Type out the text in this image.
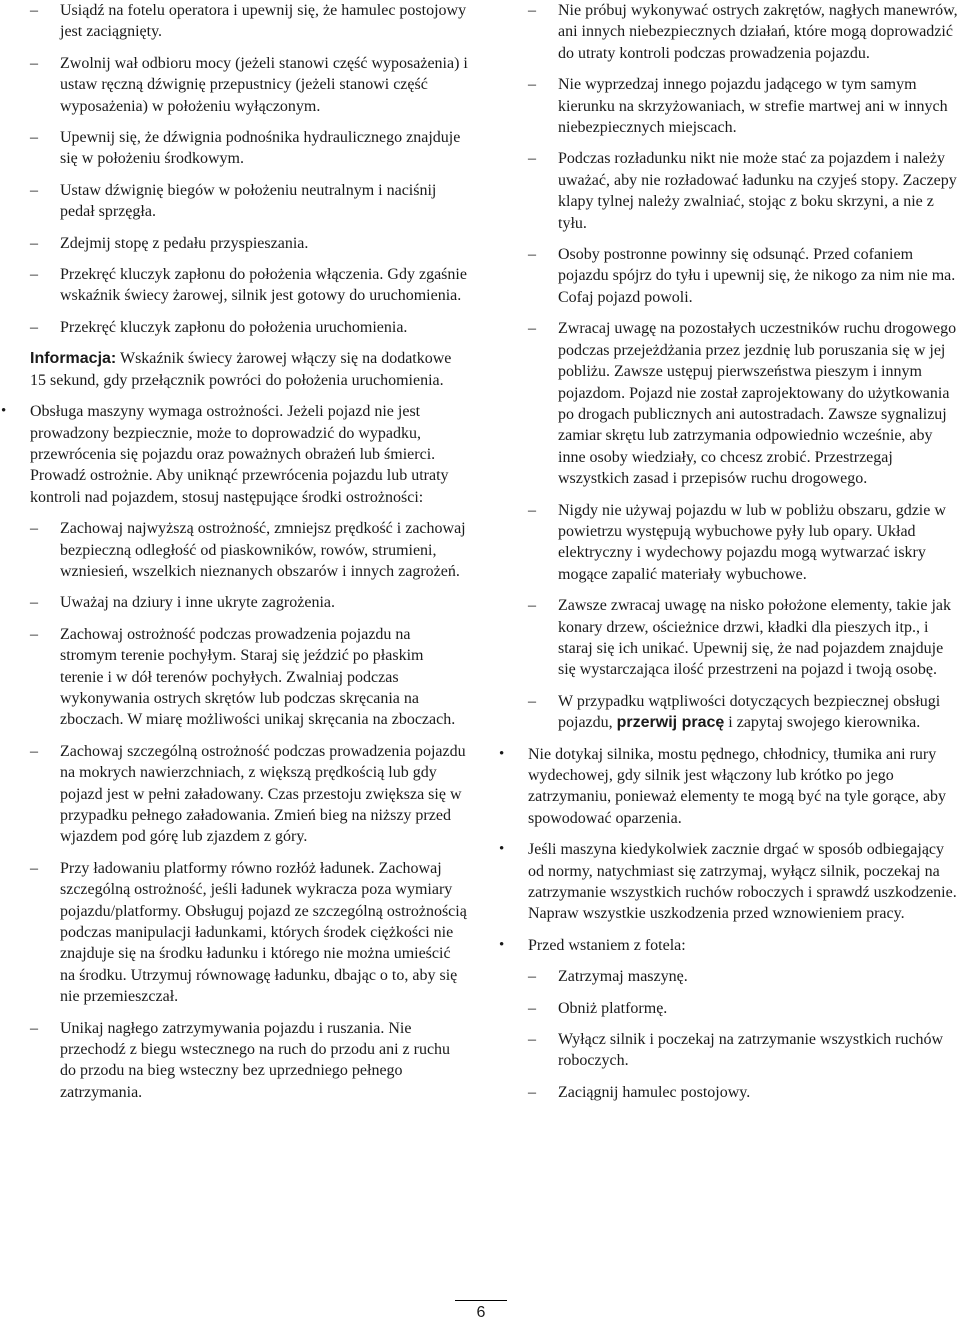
– Usiądź na fotelu operatora i upewnij się, że hamulec postojowy jest zaciągnięty.
– Zwolnij wał odbioru mocy (jeżeli stanowi część wyposażenia) i ustaw ręczną dźwignię przepustnicy (jeżeli stanowi część wyposażenia) w położeniu wyłączonym.
– Upewnij się, że dźwignia podnośnika hydraulicznego znajduje się w położeniu środkowym.
– Ustaw dźwignię biegów w położeniu neutralnym i naciśnij pedał sprzęgła.
– Zdejmij stopę z pedału przyspieszania.
– Przekręć kluczyk zapłonu do położenia włączenia. Gdy zgaśnie wskaźnik świecy żarowej, silnik jest gotowy do uruchomienia.
– Przekręć kluczyk zapłonu do położenia uruchomienia.
Informacja: Wskaźnik świecy żarowej włączy się na dodatkowe 15 sekund, gdy przełącznik powróci do położenia uruchomienia.
• Obsługa maszyny wymaga ostrożności. Jeżeli pojazd nie jest prowadzony bezpiecznie, może to doprowadzić do wypadku, przewrócenia się pojazdu oraz poważnych obrażeń lub śmierci. Prowadź ostrożnie. Aby uniknąć przewrócenia pojazdu lub utraty kontroli nad pojazdem, stosuj następujące środki ostrożności:
– Zachowaj najwyższą ostrożność, zmniejsz prędkość i zachowaj bezpieczną odległość od piaskowników, rowów, strumieni, wzniesień, wszelkich nieznanych obszarów i innych zagrożeń.
– Uważaj na dziury i inne ukryte zagrożenia.
– Zachowaj ostrożność podczas prowadzenia pojazdu na stromym terenie pochyłym. Staraj się jeździć po płaskim terenie i w dół terenów pochyłych. Zwalniaj podczas wykonywania ostrych skrętów lub podczas skręcania na zboczach. W miarę możliwości unikaj skręcania na zboczach.
– Zachowaj szczególną ostrożność podczas prowadzenia pojazdu na mokrych nawierzchniach, z większą prędkością lub gdy pojazd jest w pełni załadowany. Czas przestoju zwiększa się w przypadku pełnego załadowania. Zmień bieg na niższy przed wjazdem pod górę lub zjazdem z góry.
– Przy ładowaniu platformy równo rozłóż ładunek. Zachowaj szczególną ostrożność, jeśli ładunek wykracza poza wymiary pojazdu/platformy. Obsługuj pojazd ze szczególną ostrożnością podczas manipulacji ładunkami, których środek ciężkości nie znajduje się na środku ładunku i którego nie można umieścić na środku. Utrzymuj równowagę ładunku, dbając o to, aby się nie przemieszczał.
– Unikaj nagłego zatrzymywania pojazdu i ruszania. Nie przechodź z biegu wstecznego na ruch do przodu ani z ruchu do przodu na bieg wsteczny bez uprzedniego pełnego zatrzymania.
– Nie próbuj wykonywać ostrych zakrętów, nagłych manewrów, ani innych niebezpiecznych działań, które mogą doprowadzić do utraty kontroli podczas prowadzenia pojazdu.
– Nie wyprzedzaj innego pojazdu jadącego w tym samym kierunku na skrzyżowaniach, w strefie martwej ani w innych niebezpiecznych miejscach.
– Podczas rozładunku nikt nie może stać za pojazdem i należy uważać, aby nie rozładować ładunku na czyjeś stopy. Zaczepy klapy tylnej należy zwalniać, stojąc z boku skrzyni, a nie z tyłu.
– Osoby postronne powinny się odsunąć. Przed cofaniem pojazdu spójrz do tyłu i upewnij się, że nikogo za nim nie ma. Cofaj pojazd powoli.
– Zwracaj uwagę na pozostałych uczestników ruchu drogowego podczas przejeżdżania przez jezdnię lub poruszania się w jej pobliżu. Zawsze ustępuj pierwszeństwa pieszym i innym pojazdom. Pojazd nie został zaprojektowany do użytkowania po drogach publicznych ani autostradach. Zawsze sygnalizuj zamiar skrętu lub zatrzymania odpowiednio wcześnie, aby inne osoby wiedziały, co chcesz zrobić. Przestrzegaj wszystkich zasad i przepisów ruchu drogowego.
– Nigdy nie używaj pojazdu w lub w pobliżu obszaru, gdzie w powietrzu występują wybuchowe pyły lub opary. Układ elektryczny i wydechowy pojazdu mogą wytwarzać iskry mogące zapalić materiały wybuchowe.
– Zawsze zwracaj uwagę na nisko położone elementy, takie jak konary drzew, ościeżnice drzwi, kładki dla pieszych itp., i staraj się ich unikać. Upewnij się, że nad pojazdem znajduje się wystarczająca ilość przestrzeni na pojazd i twoją osobę.
– W przypadku wątpliwości dotyczących bezpiecznej obsługi pojazdu, przerwij pracę i zapytaj swojego kierownika.
• Nie dotykaj silnika, mostu pędnego, chłodnicy, tłumika ani rury wydechowej, gdy silnik jest włączony lub krótko po jego zatrzymaniu, ponieważ elementy te mogą być na tyle gorące, aby spowodować oparzenia.
• Jeśli maszyna kiedykolwiek zacznie drgać w sposób odbiegający od normy, natychmiast się zatrzymaj, wyłącz silnik, poczekaj na zatrzymanie wszystkich ruchów roboczych i sprawdź uszkodzenie. Napraw wszystkie uszkodzenia przed wznowieniem pracy.
• Przed wstaniem z fotela:
– Zatrzymaj maszynę.
– Obniż platformę.
– Wyłącz silnik i poczekaj na zatrzymanie wszystkich ruchów roboczych.
– Zaciągnij hamulec postojowy.
6
